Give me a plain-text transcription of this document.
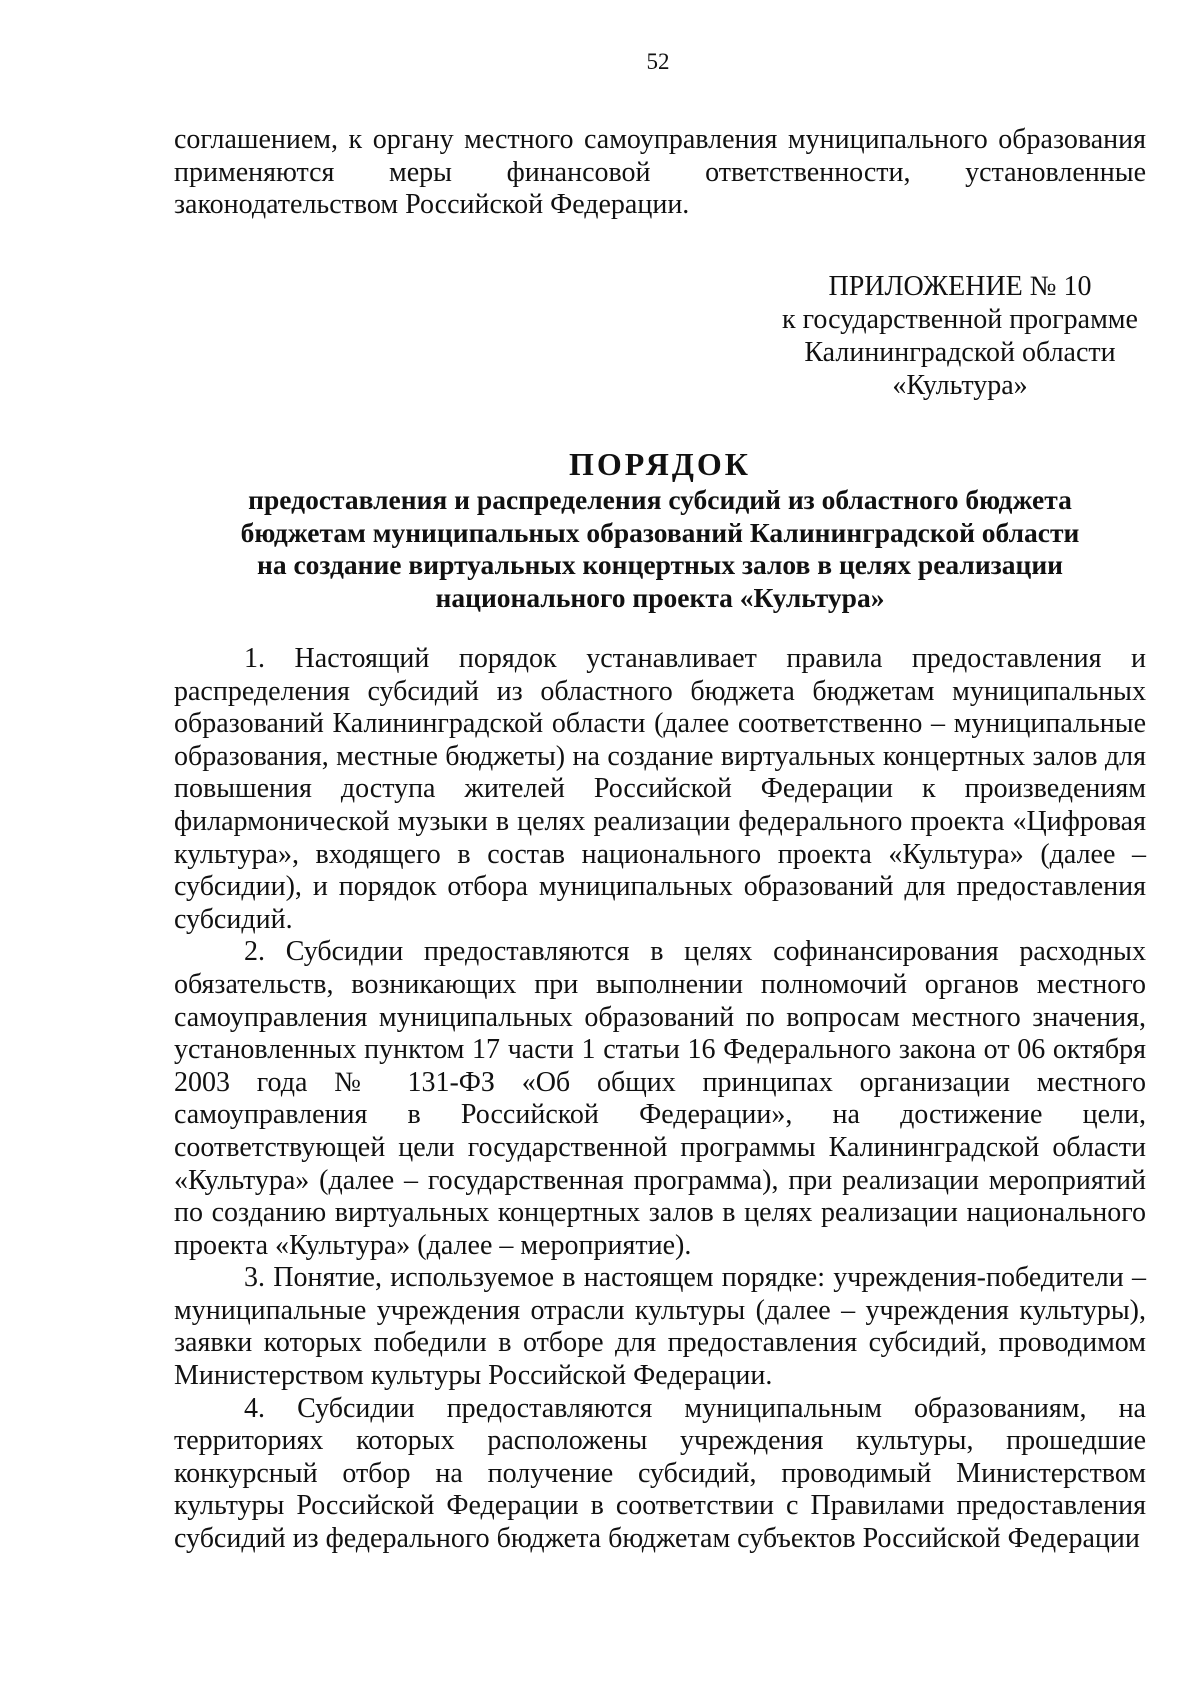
52

соглашением, к органу местного самоуправления муниципального образования применяются меры финансовой ответственности, установленные законодательством Российской Федерации.

ПРИЛОЖЕНИЕ № 10
к государственной программе
Калининградской области
«Культура»
ПОРЯДОК
предоставления и распределения субсидий из областного бюджета
бюджетам муниципальных образований Калининградской области
на создание виртуальных концертных залов в целях реализации
национального проекта «Культура»

1. Настоящий порядок устанавливает правила предоставления и распределения субсидий из областного бюджета бюджетам муниципальных образований Калининградской области (далее соответственно – муниципальные образования, местные бюджеты) на создание виртуальных концертных залов для повышения доступа жителей Российской Федерации к произведениям филармонической музыки в целях реализации федерального проекта «Цифровая культура», входящего в состав национального проекта «Культура» (далее – субсидии), и порядок отбора муниципальных образований для предоставления субсидий.

2. Субсидии предоставляются в целях софинансирования расходных обязательств, возникающих при выполнении полномочий органов местного самоуправления муниципальных образований по вопросам местного значения, установленных пунктом 17 части 1 статьи 16 Федерального закона от 06 октября 2003 года № 131-ФЗ «Об общих принципах организации местного самоуправления в Российской Федерации», на достижение цели, соответствующей цели государственной программы Калининградской области «Культура» (далее – государственная программа), при реализации мероприятий по созданию виртуальных концертных залов в целях реализации национального проекта «Культура» (далее – мероприятие).

3. Понятие, используемое в настоящем порядке: учреждения-победители – муниципальные учреждения отрасли культуры (далее – учреждения культуры), заявки которых победили в отборе для предоставления субсидий, проводимом Министерством культуры Российской Федерации.

4. Субсидии предоставляются муниципальным образованиям, на территориях которых расположены учреждения культуры, прошедшие конкурсный отбор на получение субсидий, проводимый Министерством культуры Российской Федерации в соответствии с Правилами предоставления субсидий из федерального бюджета бюджетам субъектов Российской Федерации
